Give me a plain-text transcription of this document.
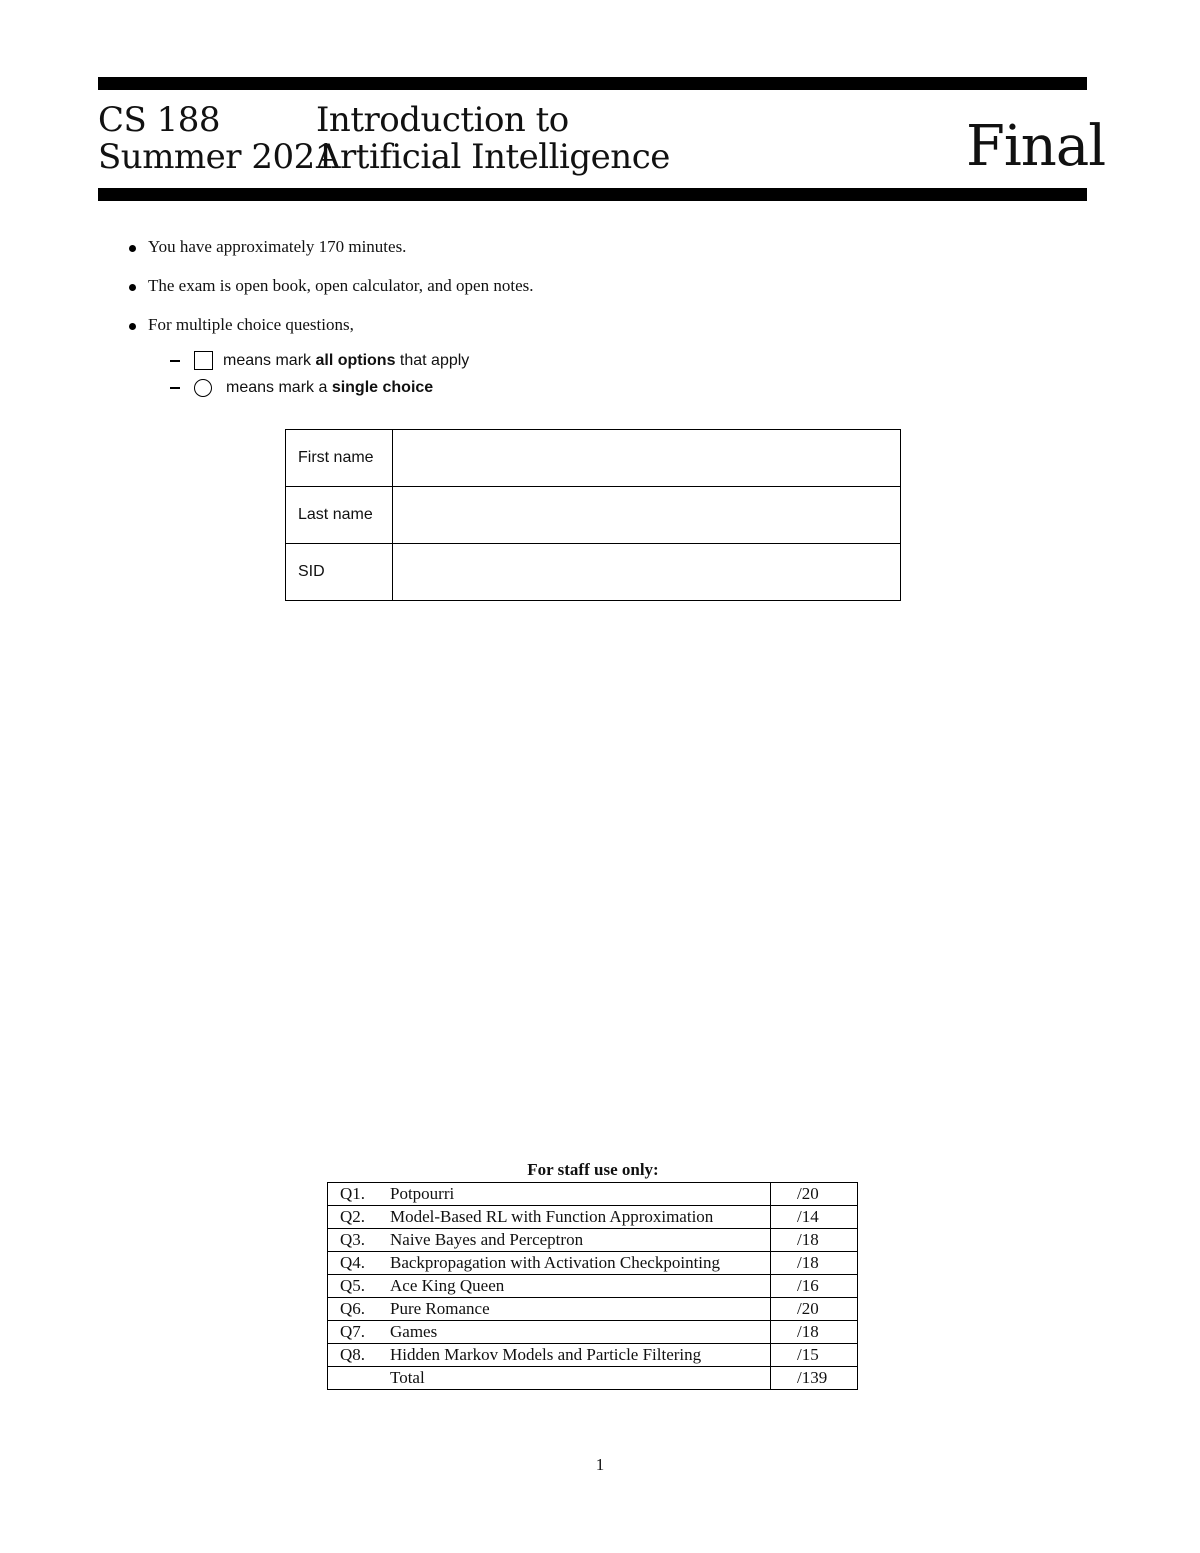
CS 188
Summer 2021
Introduction to
Artificial Intelligence	Final
You have approximately 170 minutes.
The exam is open book, open calculator, and open notes.
For multiple choice questions,
means mark all options that apply
means mark a single choice
First name	
Last name	
SID	
For staff use only:
Q1.	Potpourri	/20
Q2.	Model-Based RL with Function Approximation	/14
Q3.	Naive Bayes and Perceptron	/18
Q4.	Backpropagation with Activation Checkpointing	/18
Q5.	Ace King Queen	/16
Q6.	Pure Romance	/20
Q7.	Games	/18
Q8.	Hidden Markov Models and Particle Filtering	/15
	Total	/139
1
